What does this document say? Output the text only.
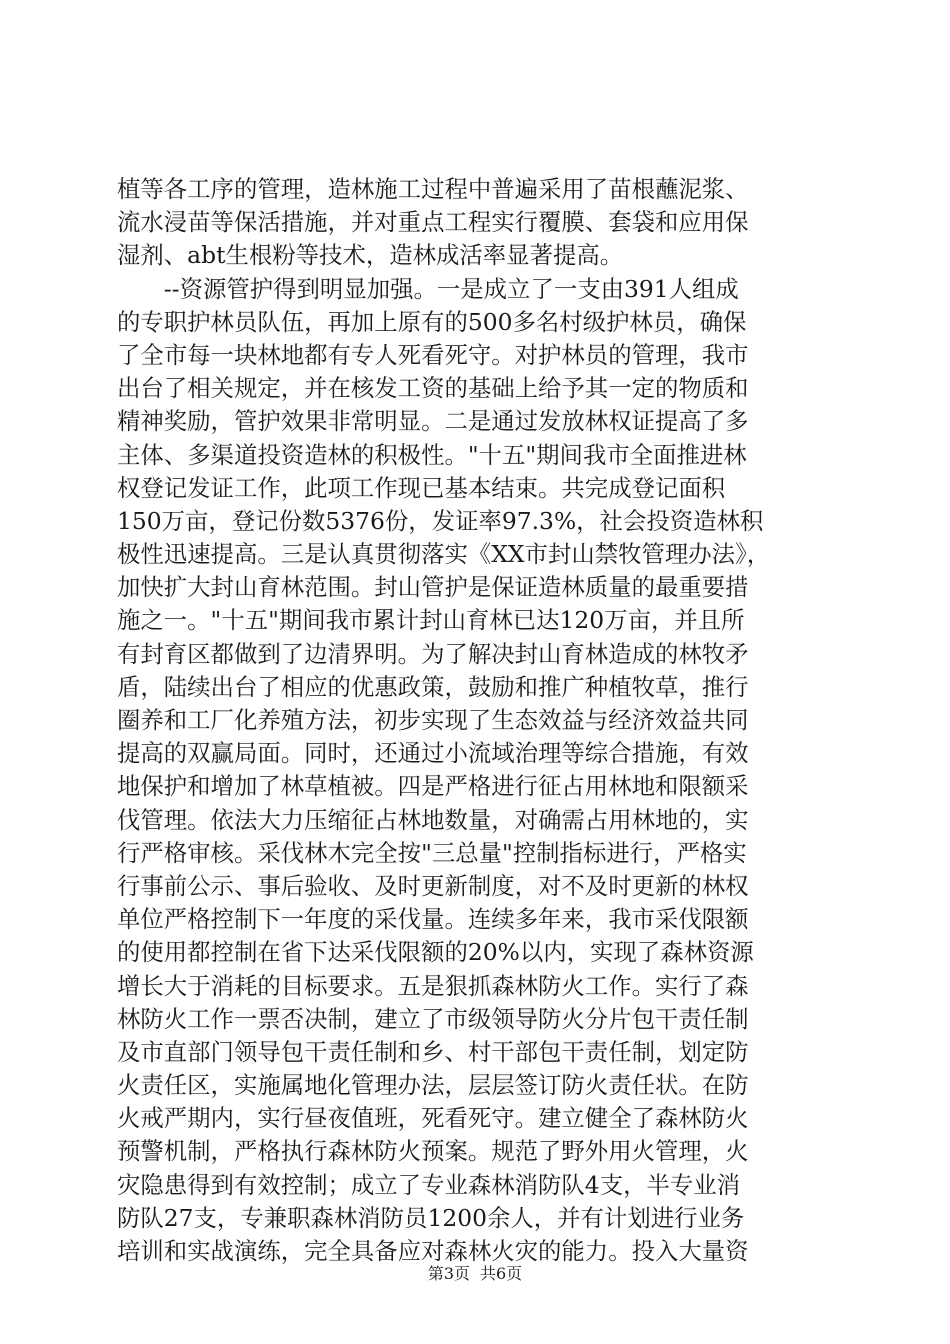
植等各工序的管理，造林施工过程中普遍采用了苗根蘸泥浆、
流水浸苗等保活措施，并对重点工程实行覆膜、套袋和应用保
湿剂、abt生根粉等技术，造林成活率显著提高。
　　--资源管护得到明显加强。一是成立了一支由391人组成
的专职护林员队伍，再加上原有的500多名村级护林员，确保
了全市每一块林地都有专人死看死守。对护林员的管理，我市
出台了相关规定，并在核发工资的基础上给予其一定的物质和
精神奖励，管护效果非常明显。二是通过发放林权证提高了多
主体、多渠道投资造林的积极性。"十五"期间我市全面推进林
权登记发证工作，此项工作现已基本结束。共完成登记面积
150万亩，登记份数5376份，发证率97.3%，社会投资造林积
极性迅速提高。三是认真贯彻落实《XX市封山禁牧管理办法》，
加快扩大封山育林范围。封山管护是保证造林质量的最重要措
施之一。"十五"期间我市累计封山育林已达120万亩，并且所
有封育区都做到了边清界明。为了解决封山育林造成的林牧矛
盾，陆续出台了相应的优惠政策，鼓励和推广种植牧草，推行
圈养和工厂化养殖方法，初步实现了生态效益与经济效益共同
提高的双赢局面。同时，还通过小流域治理等综合措施，有效
地保护和增加了林草植被。四是严格进行征占用林地和限额采
伐管理。依法大力压缩征占林地数量，对确需占用林地的，实
行严格审核。采伐林木完全按"三总量"控制指标进行，严格实
行事前公示、事后验收、及时更新制度，对不及时更新的林权
单位严格控制下一年度的采伐量。连续多年来，我市采伐限额
的使用都控制在省下达采伐限额的20%以内，实现了森林资源
增长大于消耗的目标要求。五是狠抓森林防火工作。实行了森
林防火工作一票否决制，建立了市级领导防火分片包干责任制
及市直部门领导包干责任制和乡、村干部包干责任制，划定防
火责任区，实施属地化管理办法，层层签订防火责任状。在防
火戒严期内，实行昼夜值班，死看死守。建立健全了森林防火
预警机制，严格执行森林防火预案。规范了野外用火管理，火
灾隐患得到有效控制；成立了专业森林消防队4支，半专业消
防队27支，专兼职森林消防员1200余人，并有计划进行业务
培训和实战演练，完全具备应对森林火灾的能力。投入大量资
第3页 共6页
